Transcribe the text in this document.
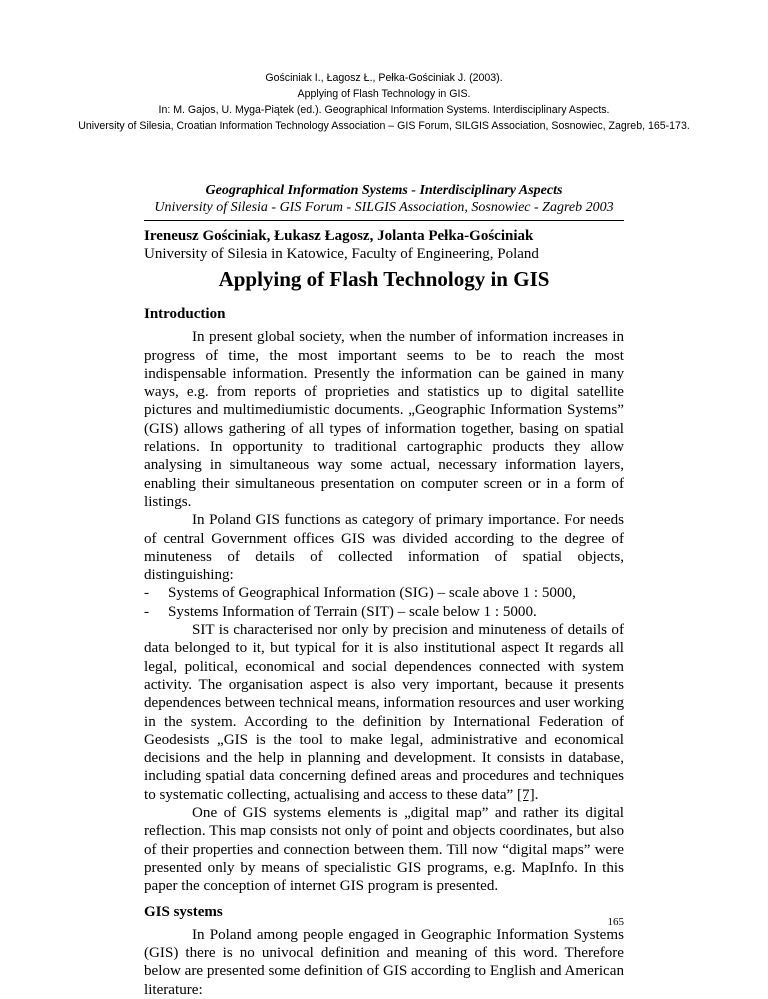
Gościniak I., Łagosz Ł., Pełka-Gościniak J. (2003).
Applying of Flash Technology in GIS.
In: M. Gajos, U. Myga-Piątek (ed.). Geographical Information Systems. Interdisciplinary Aspects.
University of Silesia, Croatian Information Technology Association – GIS Forum, SILGIS Association, Sosnowiec, Zagreb, 165-173.
Geographical Information Systems - Interdisciplinary Aspects
University of Silesia - GIS Forum - SILGIS Association, Sosnowiec - Zagreb 2003
Ireneusz Gościniak, Łukasz Łagosz, Jolanta Pełka-Gościniak
University of Silesia in Katowice, Faculty of Engineering, Poland
Applying of Flash Technology in GIS
Introduction

In present global society, when the number of information increases in progress of time, the most important seems to be to reach the most indispensable information. Presently the information can be gained in many ways, e.g. from reports of proprieties and statistics up to digital satellite pictures and multimediumistic documents. „Geographic Information Systems” (GIS) allows gathering of all types of information together, basing on spatial relations. In opportunity to traditional cartographic products they allow analysing in simultaneous way some actual, necessary information layers, enabling their simultaneous presentation on computer screen or in a form of listings.

In Poland GIS functions as category of primary importance. For needs of central Government offices GIS was divided according to the degree of minuteness of details of collected information of spatial objects, distinguishing:

-	Systems of Geographical Information (SIG) – scale above 1 : 5000,
-	Systems Information of Terrain (SIT) – scale below 1 : 5000.

SIT is characterised nor only by precision and minuteness of details of data belonged to it, but typical for it is also institutional aspect It regards all legal, political, economical and social dependences connected with system activity. The organisation aspect is also very important, because it presents dependences between technical means, information resources and user working in the system. According to the definition by International Federation of Geodesists „GIS is the tool to make legal, administrative and economical decisions and the help in planning and development. It consists in database, including spatial data concerning defined areas and procedures and techniques to systematic collecting, actualising and access to these data” [7].

One of GIS systems elements is „digital map” and rather its digital reflection. This map consists not only of point and objects coordinates, but also of their properties and connection between them. Till now “digital maps” were presented only by means of specialistic GIS programs, e.g. MapInfo. In this paper the conception of internet GIS program is presented.

GIS systems

In Poland among people engaged in Geographic Information Systems (GIS) there is no univocal definition and meaning of this word. Therefore below are presented some definition of GIS according to English and American literature:

165
